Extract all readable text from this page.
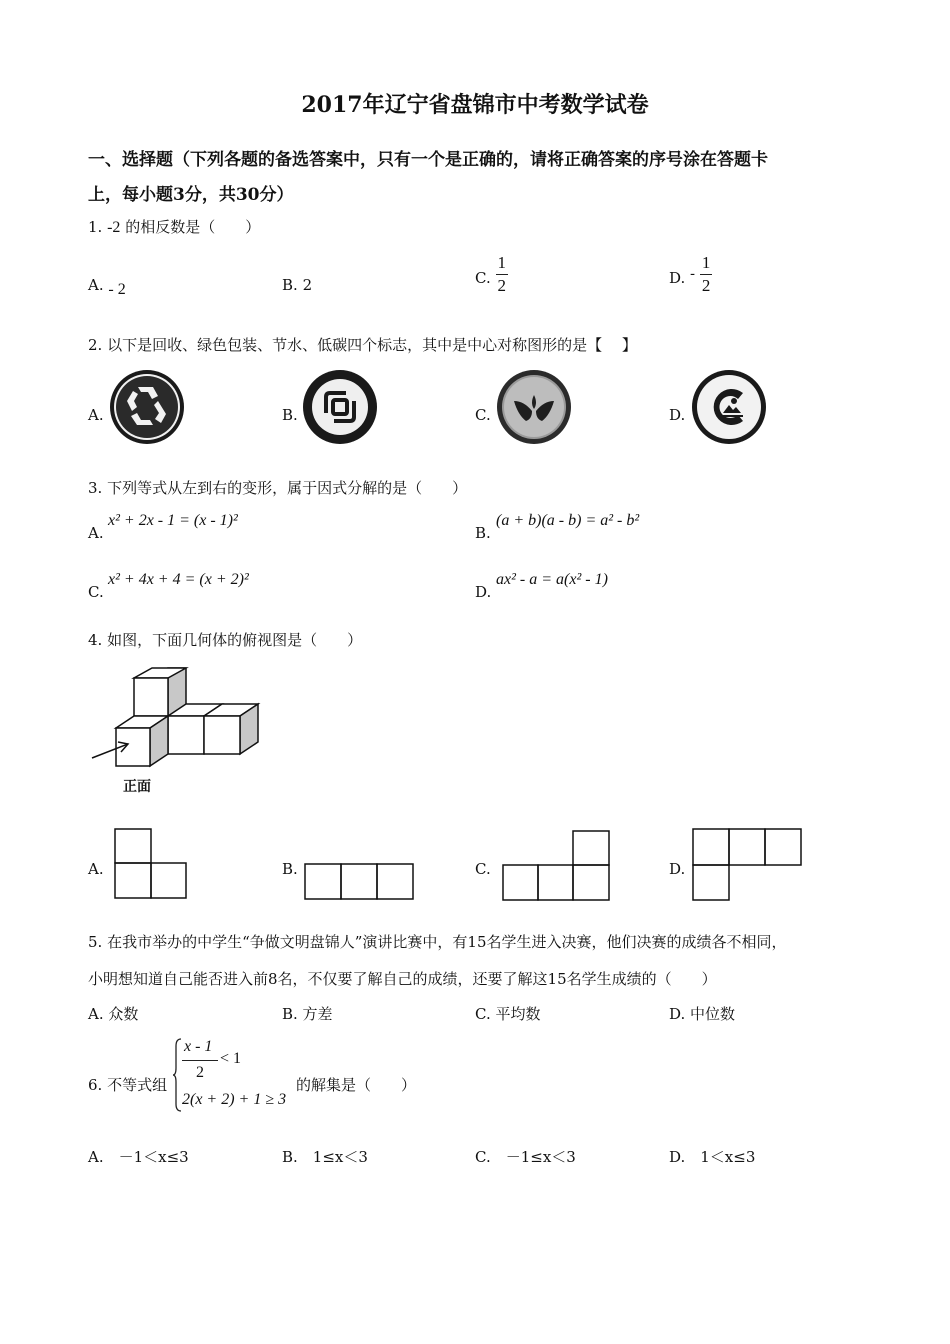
2017年辽宁省盘锦市中考数学试卷
一、选择题（下列各题的备选答案中，只有一个是正确的，请将正确答案的序号涂在答题卡
上，每小题3分，共30分）
1. -2 的相反数是（　　）
A. - 2	B. 2	C. $\frac{1}{2}$	D. - $\frac{1}{2}$
2. 以下是回收、绿色包装、节水、低碳四个标志，其中是中心对称图形的是【　 】
A.	B.	C.	D.
3. 下列等式从左到右的变形，属于因式分解的是（　　）
A.
x² + 2x - 1 = (x - 1)²
B.
(a + b)(a - b) = a² - b²
C.
x² + 4x + 4 = (x + 2)²
D.
ax² - a = a(x² - 1)
4. 如图，下面几何体的俯视图是（　　）
正面
A.	B.	C.	D.
5. 在我市举办的中学生“争做文明盘锦人”演讲比赛中，有15名学生进入决赛，他们决赛的成绩各不相同，
小明想知道自己能否进入前8名，不仅要了解自己的成绩，还要了解这15名学生成绩的（　　）
A. 众数	B. 方差	C. 平均数	D. 中位数
6. 不等式组
x - 1
2
< 1
2(x + 2) + 1 ≥ 3
的解集是（　　）
A.　－1＜x≤3	B.　1≤x＜3	C.　－1≤x＜3	D.　1＜x≤3
